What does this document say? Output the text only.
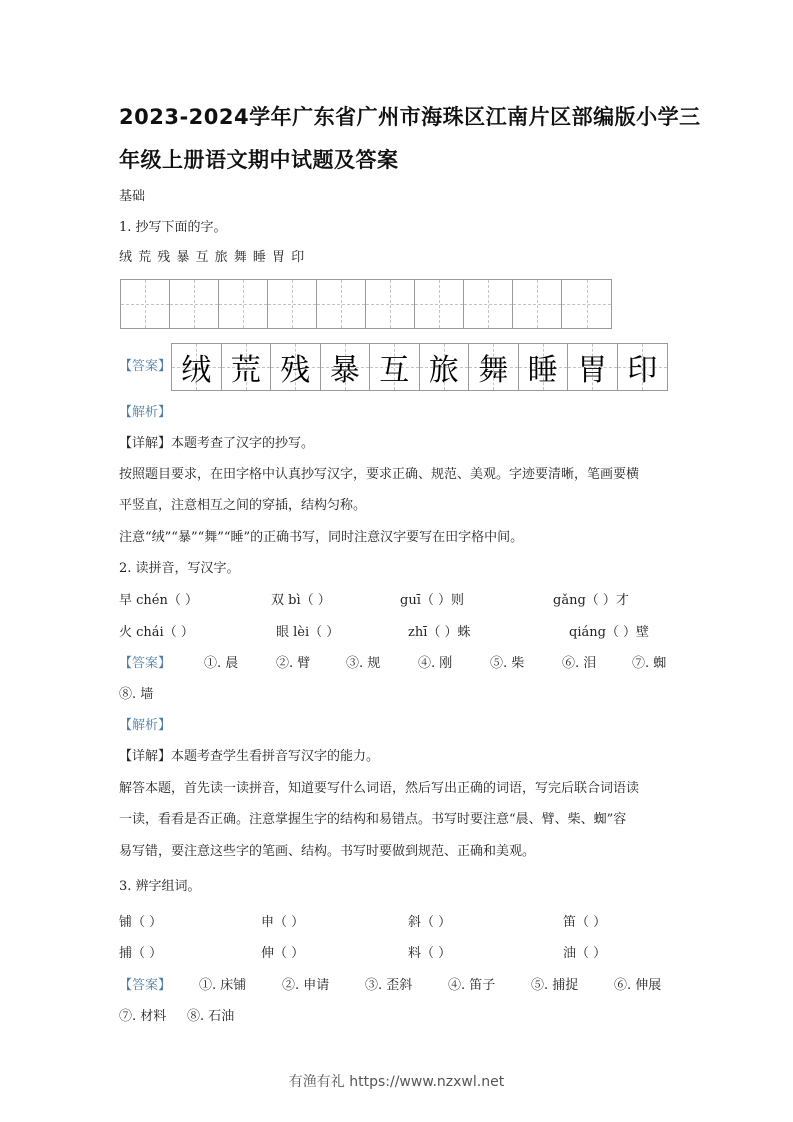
2023-2024学年广东省广州市海珠区江南片区部编版小学三
年级上册语文期中试题及答案
基础
1. 抄写下面的字。
绒 荒 残 暴 互 旅 舞 睡 胃 印
【答案】 绒 荒 残 暴 互 旅 舞 睡 胃 印
【解析】
【详解】本题考查了汉字的抄写。
按照题目要求，在田字格中认真抄写汉字，要求正确、规范、美观。字迹要清晰，笔画要横
平竖直，注意相互之间的穿插，结构匀称。
注意“绒”“暴”“舞”“睡”的正确书写，同时注意汉字要写在田字格中间。
2. 读拼音，写汉字。
早 chén（ ）	双 bì（ ）	guī（ ）则	gǎng（ ）才
火 chái（ ）	眼 lèi（ ）	zhī（ ）蛛	qiáng（ ）壁
【答案】	①. 晨	②. 臂	③. 规	④. 刚	⑤. 柴	⑥. 泪	⑦. 蜘
⑧. 墙
【解析】
【详解】本题考查学生看拼音写汉字的能力。
解答本题，首先读一读拼音，知道要写什么词语，然后写出正确的词语，写完后联合词语读
一读，看看是否正确。注意掌握生字的结构和易错点。书写时要注意“晨、臂、柴、蜘”容
易写错，要注意这些字的笔画、结构。书写时要做到规范、正确和美观。
3. 辨字组词。
铺（ ）	申（ ）	斜（ ）	笛（ ）
捕（ ）	伸（ ）	料（ ）	油（ ）
【答案】 ①. 床铺	②. 申请	③. 歪斜	④. 笛子	⑤. 捕捉	⑥. 伸展
⑦. 材料 ⑧. 石油
有渔有礼 https://www.nzxwl.net
